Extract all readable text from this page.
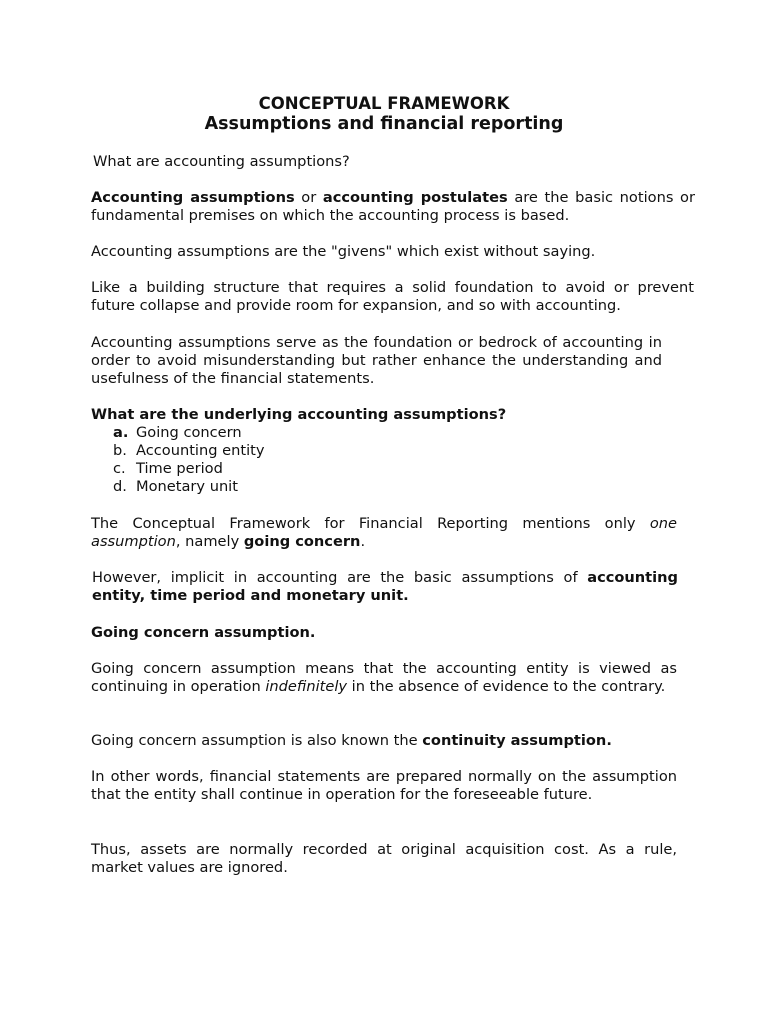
CONCEPTUAL FRAMEWORK
Assumptions and financial reporting

What are accounting assumptions?

Accounting assumptions or accounting postulates are the basic notions or fundamental premises on which the accounting process is based.

Accounting assumptions are the "givens" which exist without saying.

Like a building structure that requires a solid foundation to avoid or prevent future collapse and provide room for expansion, and so with accounting.

Accounting assumptions serve as the foundation or bedrock of accounting in order to avoid misunderstanding but rather enhance the understanding and usefulness of the financial statements.

What are the underlying accounting assumptions?

a. Going concern
b. Accounting entity
c. Time period
d. Monetary unit

The Conceptual Framework for Financial Reporting mentions only one assumption, namely going concern.

However, implicit in accounting are the basic assumptions of accounting entity, time period and monetary unit.

Going concern assumption.

Going concern assumption means that the accounting entity is viewed as continuing in operation indefinitely in the absence of evidence to the contrary.

Going concern assumption is also known the continuity assumption.

In other words, financial statements are prepared normally on the assumption that the entity shall continue in operation for the foreseeable future.

Thus, assets are normally recorded at original acquisition cost. As a rule, market values are ignored.
